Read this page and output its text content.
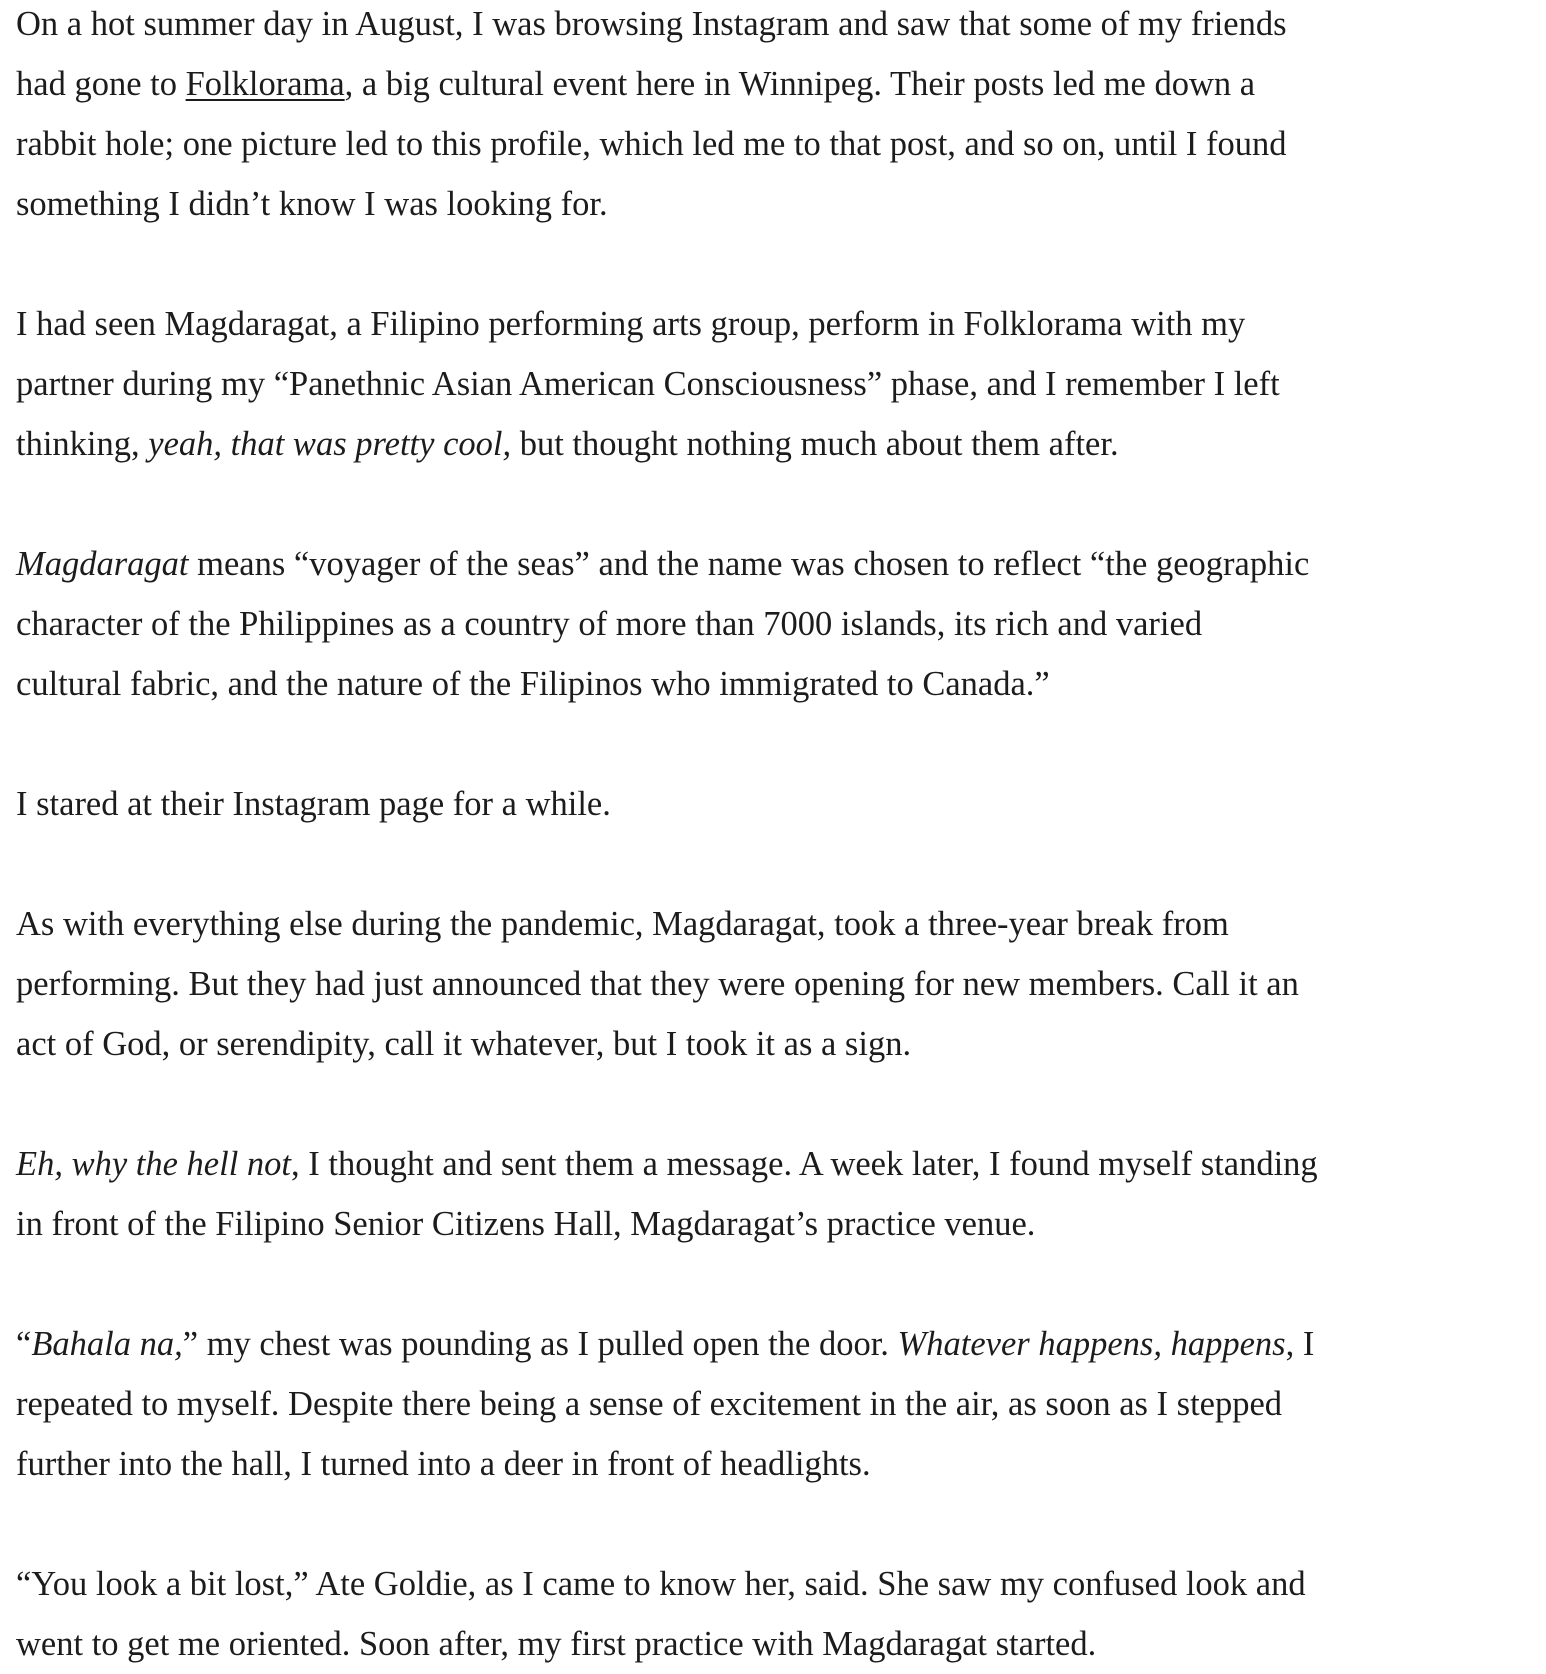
On a hot summer day in August, I was browsing Instagram and saw that some of my friends
had gone to Folklorama, a big cultural event here in Winnipeg. Their posts led me down a
rabbit hole; one picture led to this profile, which led me to that post, and so on, until I found
something I didn’t know I was looking for.

I had seen Magdaragat, a Filipino performing arts group, perform in Folklorama with my
partner during my “Panethnic Asian American Consciousness” phase, and I remember I left
thinking, yeah, that was pretty cool, but thought nothing much about them after.

Magdaragat means “voyager of the seas” and the name was chosen to reflect “the geographic
character of the Philippines as a country of more than 7000 islands, its rich and varied
cultural fabric, and the nature of the Filipinos who immigrated to Canada.”

I stared at their Instagram page for a while.

As with everything else during the pandemic, Magdaragat, took a three-year break from
performing. But they had just announced that they were opening for new members. Call it an
act of God, or serendipity, call it whatever, but I took it as a sign.

Eh, why the hell not, I thought and sent them a message. A week later, I found myself standing
in front of the Filipino Senior Citizens Hall, Magdaragat’s practice venue.

“Bahala na,” my chest was pounding as I pulled open the door. Whatever happens, happens, I
repeated to myself. Despite there being a sense of excitement in the air, as soon as I stepped
further into the hall, I turned into a deer in front of headlights.

“You look a bit lost,” Ate Goldie, as I came to know her, said. She saw my confused look and
went to get me oriented. Soon after, my first practice with Magdaragat started.
